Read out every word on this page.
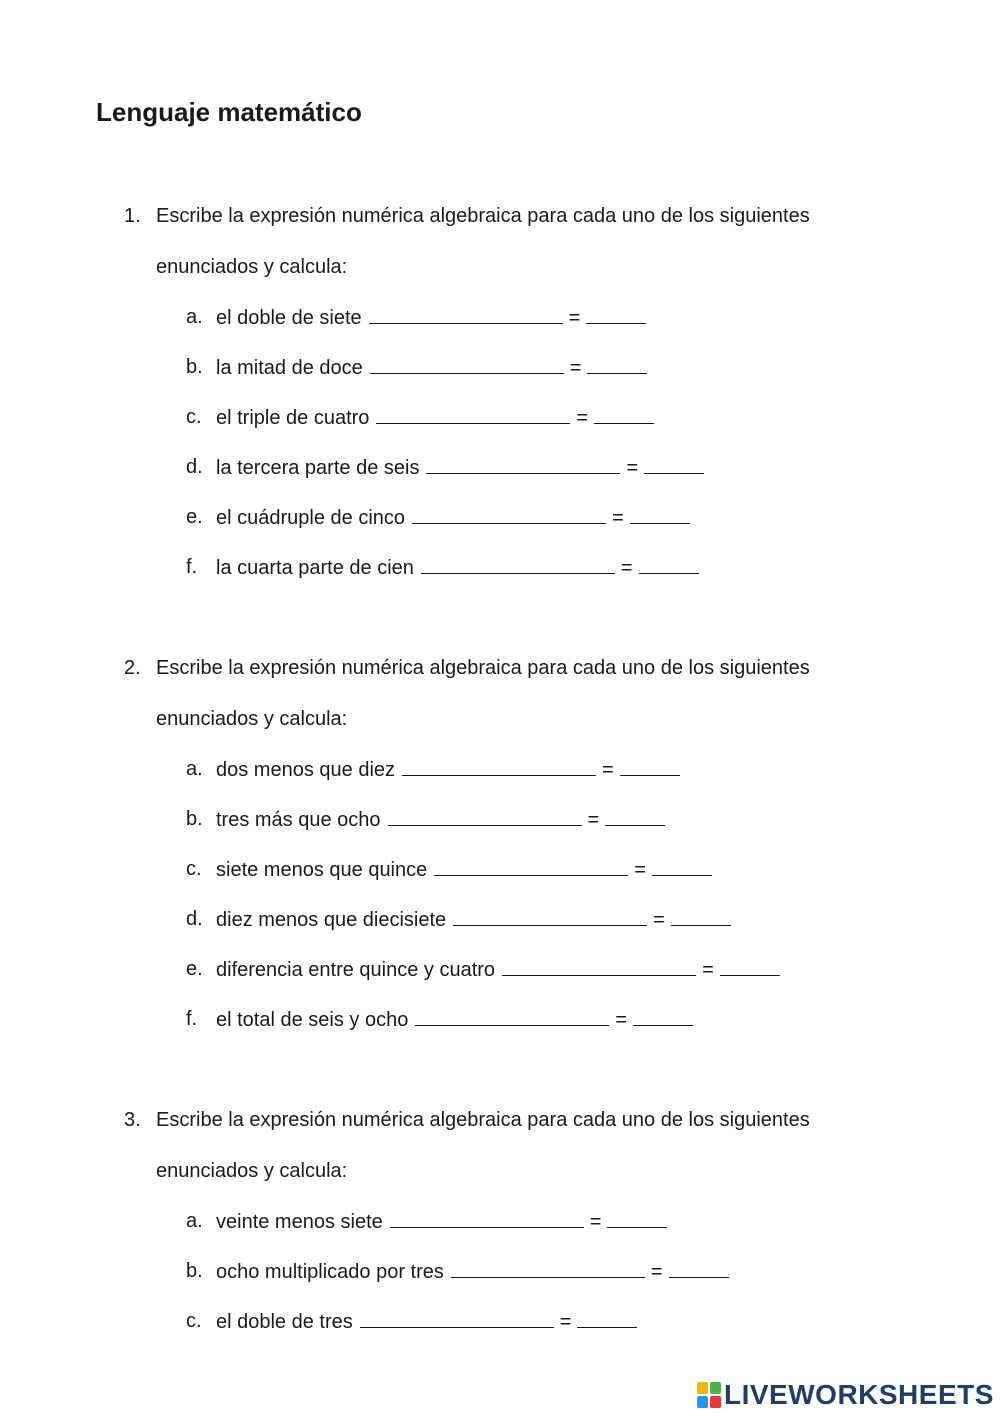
Lenguaje matemático
1. Escribe la expresión numérica algebraica para cada uno de los siguientes
enunciados y calcula:
a. el doble de siete	=
b. la mitad de doce	=
c. el triple de cuatro	=
d. la tercera parte de seis	=
e. el cuádruple de cinco	=
f. la cuarta parte de cien	=
2. Escribe la expresión numérica algebraica para cada uno de los siguientes
enunciados y calcula:
a. dos menos que diez	=
b. tres más que ocho	=
c. siete menos que quince	=
d. diez menos que diecisiete	=
e. diferencia entre quince y cuatro	=
f. el total de seis y ocho	=
3. Escribe la expresión numérica algebraica para cada uno de los siguientes
enunciados y calcula:
a. veinte menos siete	=
b. ocho multiplicado por tres	=
c. el doble de tres	=
LIVEWORKSHEETS
